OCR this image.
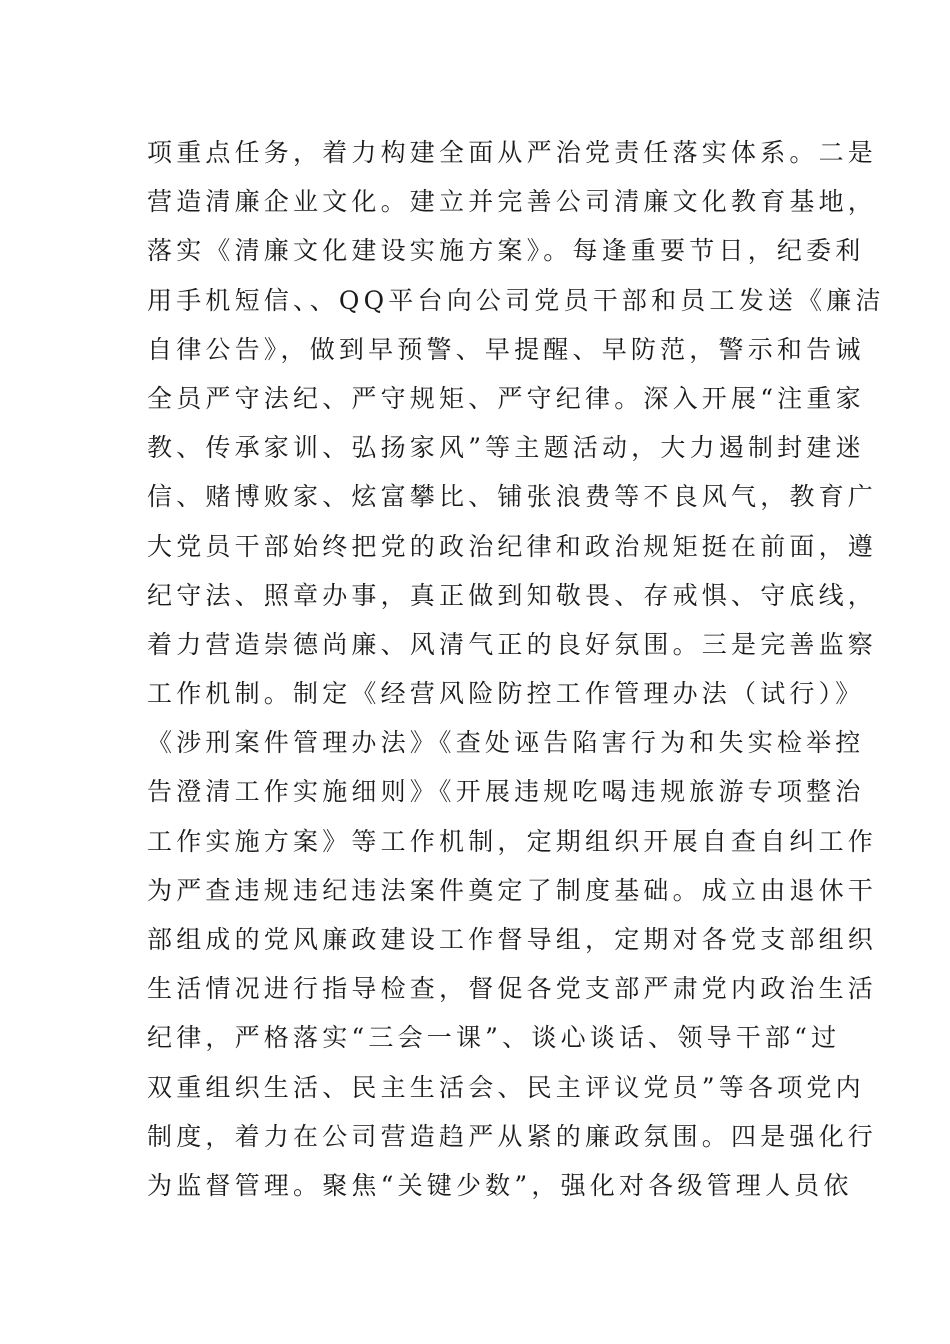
项重点任务，着力构建全面从严治党责任落实体系。二是
营造清廉企业文化。建立并完善公司清廉文化教育基地，
落实《清廉文化建设实施方案》。每逢重要节日，纪委利
用手机短信、、QQ平台向公司党员干部和员工发送《廉洁
自律公告》，做到早预警、早提醒、早防范，警示和告诫
全员严守法纪、严守规矩、严守纪律。深入开展“注重家
教、传承家训、弘扬家风”等主题活动，大力遏制封建迷
信、赌博败家、炫富攀比、铺张浪费等不良风气，教育广
大党员干部始终把党的政治纪律和政治规矩挺在前面，遵
纪守法、照章办事，真正做到知敬畏、存戒惧、守底线，
着力营造崇德尚廉、风清气正的良好氛围。三是完善监察
工作机制。制定《经营风险防控工作管理办法（试行）》
《涉刑案件管理办法》《查处诬告陷害行为和失实检举控
告澄清工作实施细则》《开展违规吃喝违规旅游专项整治
工作实施方案》等工作机制，定期组织开展自查自纠工作
为严查违规违纪违法案件奠定了制度基础。成立由退休干
部组成的党风廉政建设工作督导组，定期对各党支部组织
生活情况进行指导检查，督促各党支部严肃党内政治生活
纪律，严格落实“三会一课”、谈心谈话、领导干部“过
双重组织生活、民主生活会、民主评议党员”等各项党内
制度，着力在公司营造趋严从紧的廉政氛围。四是强化行
为监督管理。聚焦“关键少数”，强化对各级管理人员依
